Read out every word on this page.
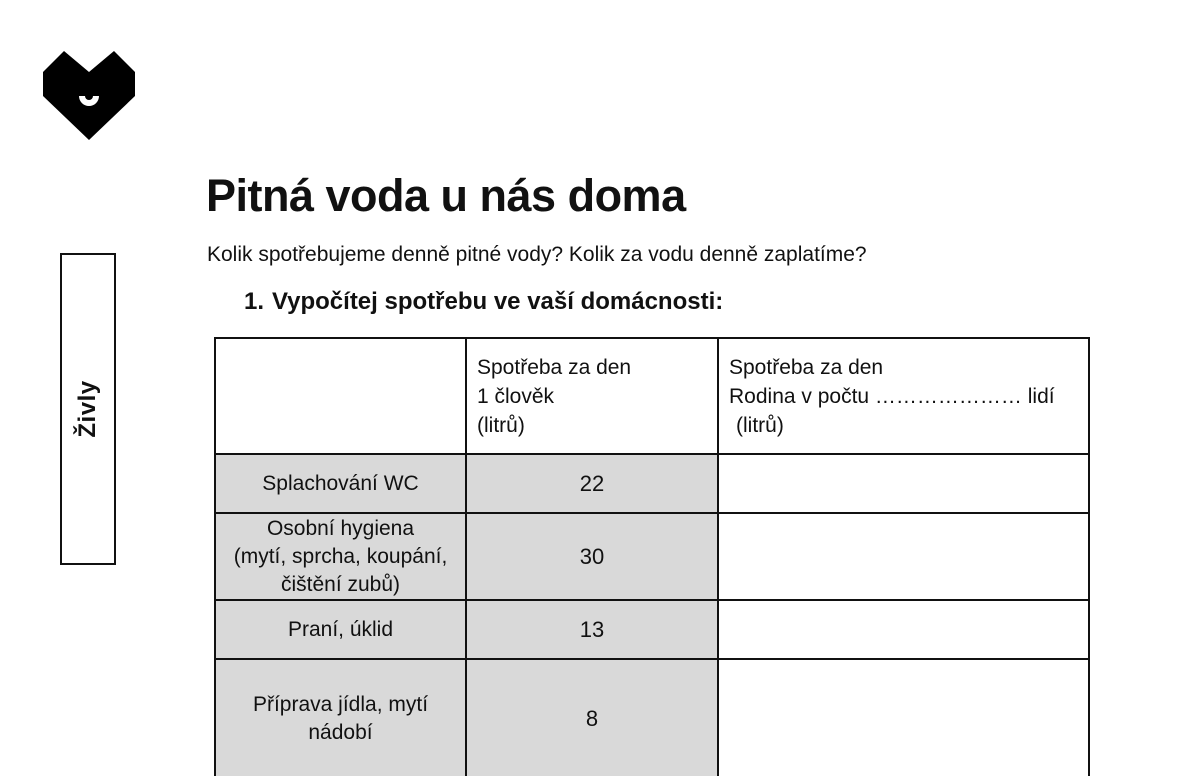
Živly
Pitná voda u nás doma

Kolik spotřebujeme denně pitné vody? Kolik za vodu denně zaplatíme?

1. Vypočítej spotřebu ve vaší domácnosti:

	Spotřeba za den
1 člověk
(litrů)	Spotřeba za den
Rodina v počtu ………………… lidí
(litrů)

Splachování WC	22	
Osobní hygiena
(mytí, sprcha, koupání,
čištění zubů)	30	
Praní, úklid	13	
Příprava jídla, mytí
nádobí	8	
